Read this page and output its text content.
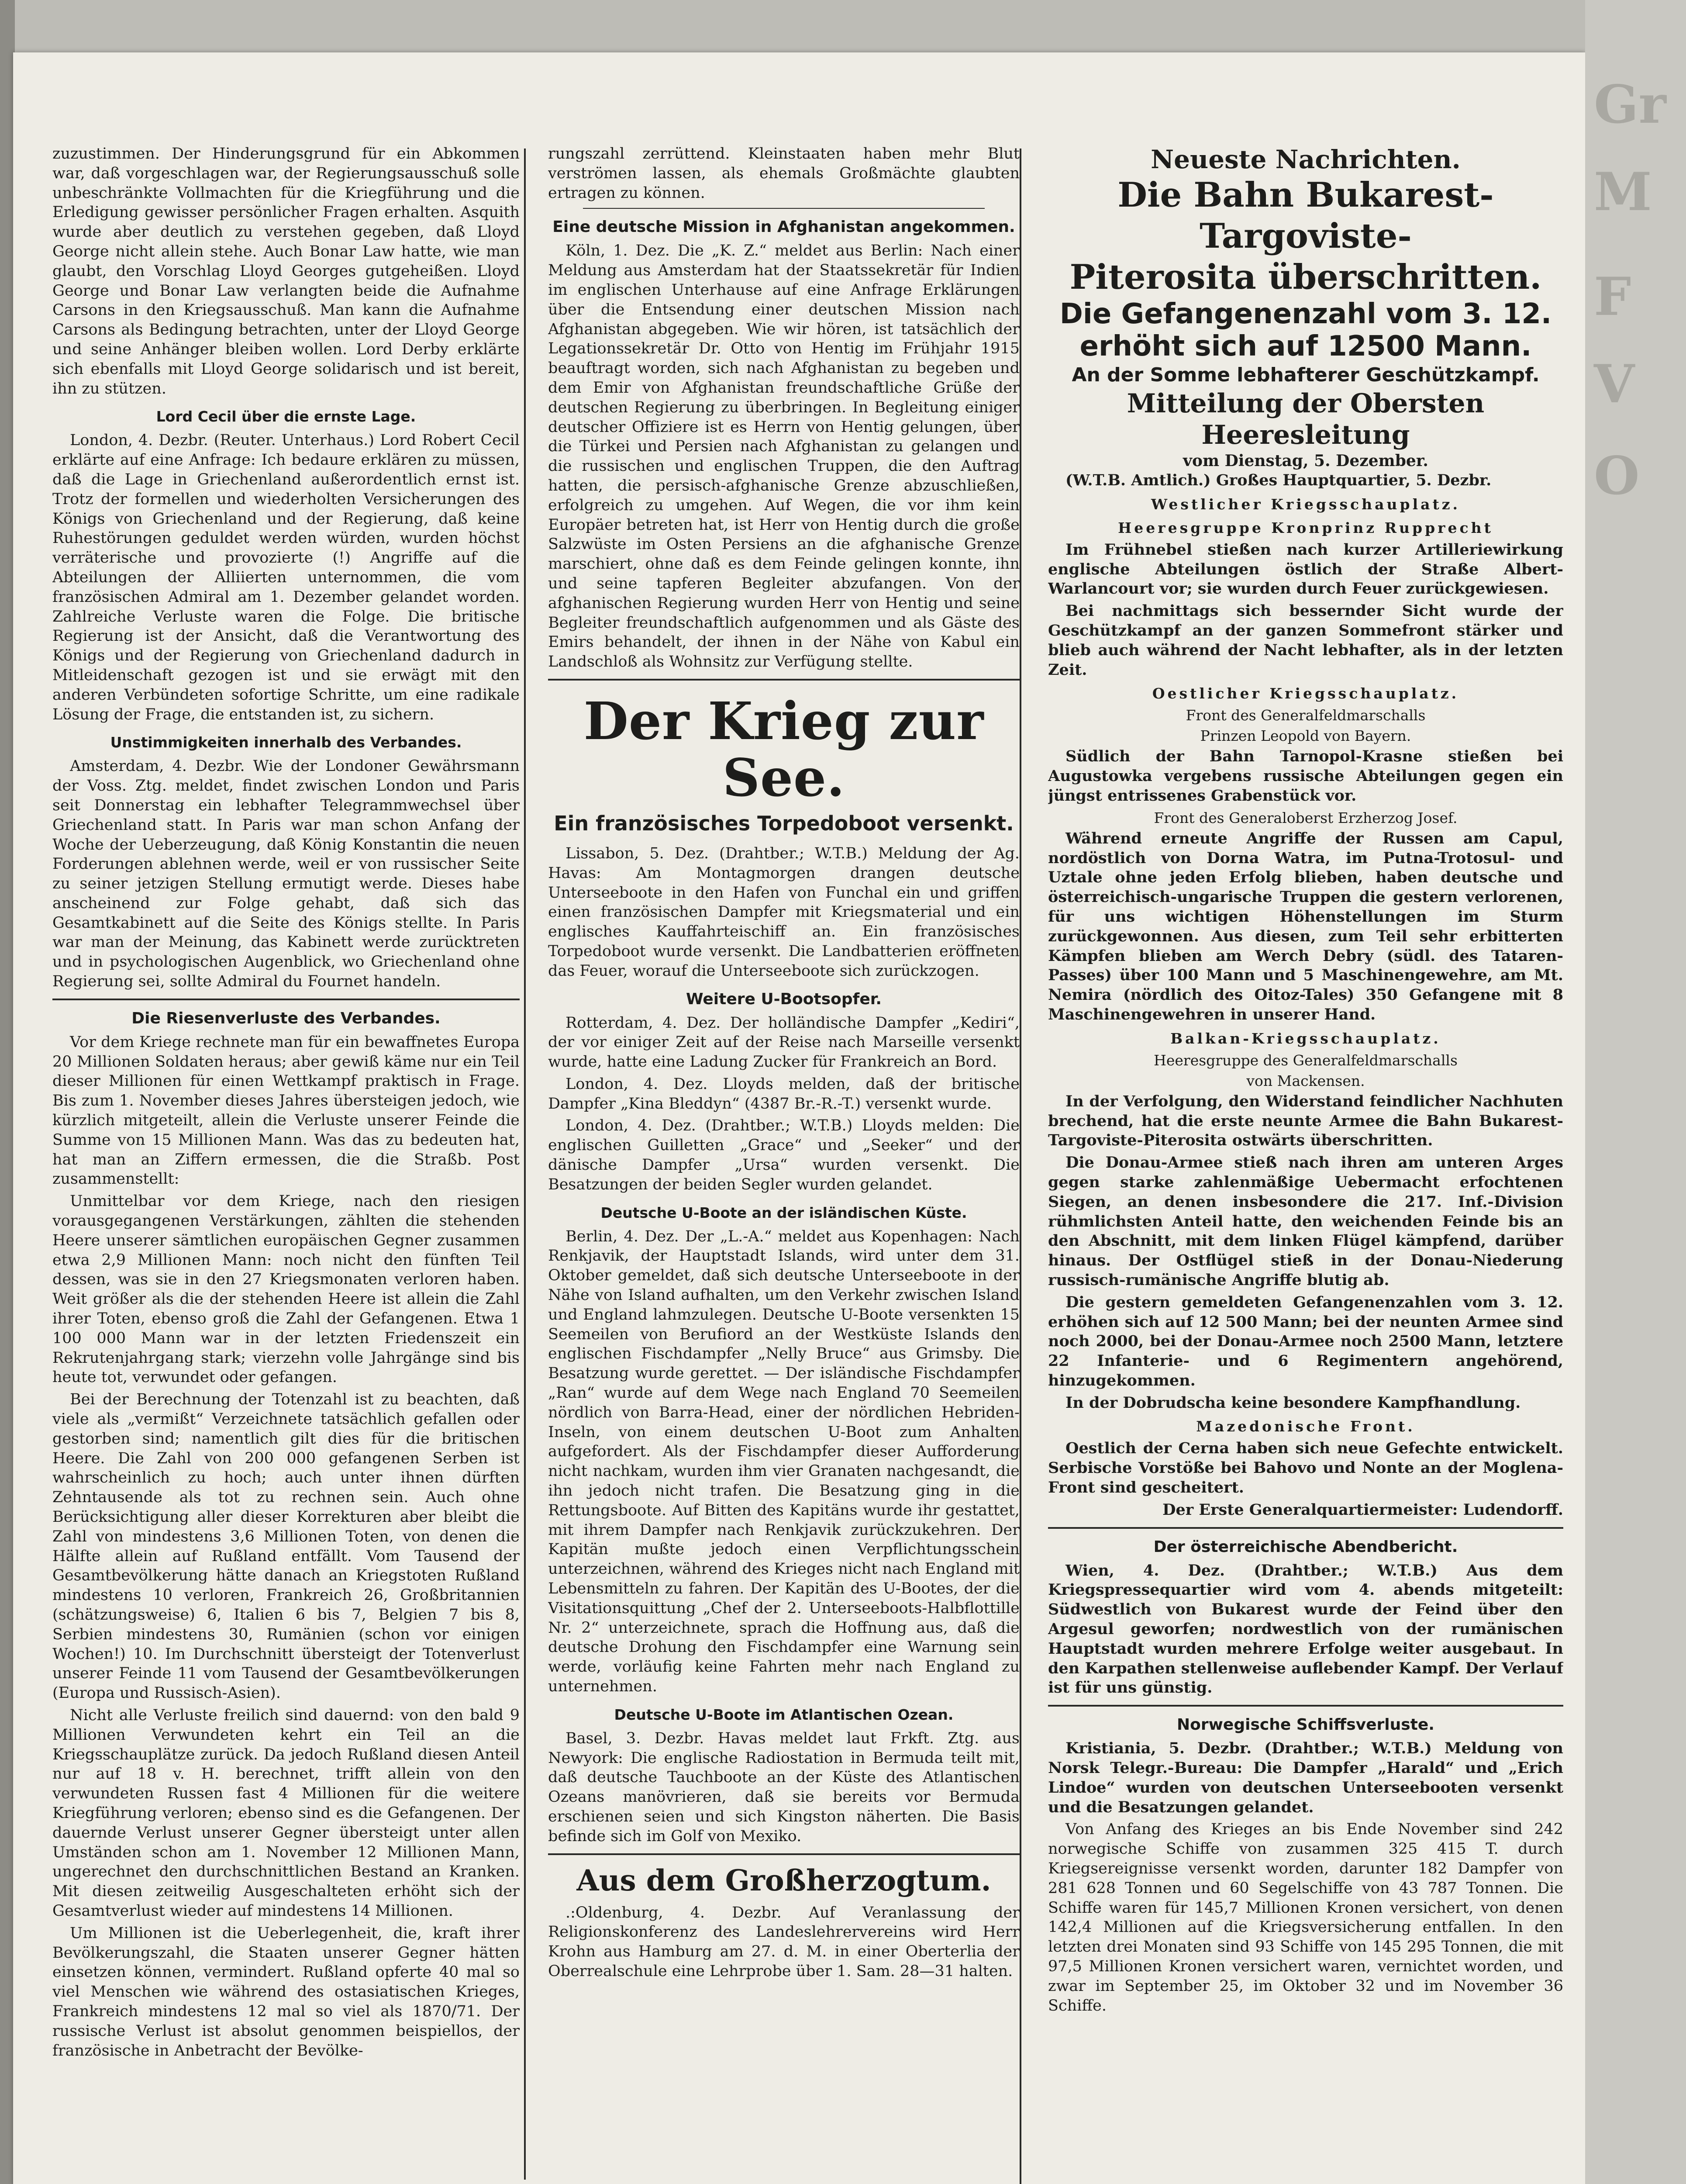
zuzustimmen. Der Hinderungsgrund für ein Abkommen war, daß vorgeschlagen war, der Regierungsausschuß solle unbeschränkte Vollmachten für die Kriegführung und die Erledigung gewisser persönlicher Fragen erhalten. Asquith wurde aber deutlich zu verstehen gegeben, daß Lloyd George nicht allein stehe. Auch Bonar Law hatte, wie man glaubt, den Vorschlag Lloyd Georges gutgeheißen. Lloyd George und Bonar Law verlangten beide die Aufnahme Carsons in den Kriegsausschuß. Man kann die Aufnahme Carsons als Bedingung betrachten, unter der Lloyd George und seine Anhänger bleiben wollen. Lord Derby erklärte sich ebenfalls mit Lloyd George solidarisch und ist bereit, ihn zu stützen.

Lord Cecil über die ernste Lage.

London, 4. Dezbr. (Reuter. Unterhaus.) Lord Robert Cecil erklärte auf eine Anfrage: Ich bedaure erklären zu müssen, daß die Lage in Griechenland außerordentlich ernst ist. Trotz der formellen und wiederholten Versicherungen des Königs von Griechenland und der Regierung, daß keine Ruhestörungen geduldet werden würden, wurden höchst verräterische und provozierte (!) Angriffe auf die Abteilungen der Alliierten unternommen, die vom französischen Admiral am 1. Dezember gelandet worden. Zahlreiche Verluste waren die Folge. Die britische Regierung ist der Ansicht, daß die Verantwortung des Königs und der Regierung von Griechenland dadurch in Mitleidenschaft gezogen ist und sie erwägt mit den anderen Verbündeten sofortige Schritte, um eine radikale Lösung der Frage, die entstanden ist, zu sichern.

Unstimmigkeiten innerhalb des Verbandes.

Amsterdam, 4. Dezbr. Wie der Londoner Gewährsmann der Voss. Ztg. meldet, findet zwischen London und Paris seit Donnerstag ein lebhafter Telegrammwechsel über Griechenland statt. In Paris war man schon Anfang der Woche der Ueberzeugung, daß König Konstantin die neuen Forderungen ablehnen werde, weil er von russischer Seite zu seiner jetzigen Stellung ermutigt werde. Dieses habe anscheinend zur Folge gehabt, daß sich das Gesamtkabinett auf die Seite des Königs stellte. In Paris war man der Meinung, das Kabinett werde zurücktreten und in psychologischen Augenblick, wo Griechenland ohne Regierung sei, sollte Admiral du Fournet handeln.

Die Riesenverluste des Verbandes.

Vor dem Kriege rechnete man für ein bewaffnetes Europa 20 Millionen Soldaten heraus; aber gewiß käme nur ein Teil dieser Millionen für einen Wettkampf praktisch in Frage. Bis zum 1. November dieses Jahres übersteigen jedoch, wie kürzlich mitgeteilt, allein die Verluste unserer Feinde die Summe von 15 Millionen Mann. Was das zu bedeuten hat, hat man an Ziffern ermessen, die die Straßb. Post zusammenstellt:

Unmittelbar vor dem Kriege, nach den riesigen vorausgegangenen Verstärkungen, zählten die stehenden Heere unserer sämtlichen europäischen Gegner zusammen etwa 2,9 Millionen Mann: noch nicht den fünften Teil dessen, was sie in den 27 Kriegsmonaten verloren haben. Weit größer als die der stehenden Heere ist allein die Zahl ihrer Toten, ebenso groß die Zahl der Gefangenen. Etwa 1 100 000 Mann war in der letzten Friedenszeit ein Rekrutenjahrgang stark; vierzehn volle Jahrgänge sind bis heute tot, verwundet oder gefangen.

Bei der Berechnung der Totenzahl ist zu beachten, daß viele als „vermißt“ Verzeichnete tatsächlich gefallen oder gestorben sind; namentlich gilt dies für die britischen Heere. Die Zahl von 200 000 gefangenen Serben ist wahrscheinlich zu hoch; auch unter ihnen dürften Zehntausende als tot zu rechnen sein. Auch ohne Berücksichtigung aller dieser Korrekturen aber bleibt die Zahl von mindestens 3,6 Millionen Toten, von denen die Hälfte allein auf Rußland entfällt. Vom Tausend der Gesamtbevölkerung hätte danach an Kriegstoten Rußland mindestens 10 verloren, Frankreich 26, Großbritannien (schätzungsweise) 6, Italien 6 bis 7, Belgien 7 bis 8, Serbien mindestens 30, Rumänien (schon vor einigen Wochen!) 10. Im Durchschnitt übersteigt der Totenverlust unserer Feinde 11 vom Tausend der Gesamtbevölkerungen (Europa und Russisch-Asien).

Nicht alle Verluste freilich sind dauernd: von den bald 9 Millionen Verwundeten kehrt ein Teil an die Kriegsschauplätze zurück. Da jedoch Rußland diesen Anteil nur auf 18 v. H. berechnet, trifft allein von den verwundeten Russen fast 4 Millionen für die weitere Kriegführung verloren; ebenso sind es die Gefangenen. Der dauernde Verlust unserer Gegner übersteigt unter allen Umständen schon am 1. November 12 Millionen Mann, ungerechnet den durchschnittlichen Bestand an Kranken. Mit diesen zeitweilig Ausgeschalteten erhöht sich der Gesamtverlust wieder auf mindestens 14 Millionen.

Um Millionen ist die Ueberlegenheit, die, kraft ihrer Bevölkerungszahl, die Staaten unserer Gegner hätten einsetzen können, vermindert. Rußland opferte 40 mal so viel Menschen wie während des ostasiatischen Krieges, Frankreich mindestens 12 mal so viel als 1870/71. Der russische Verlust ist absolut genommen beispiellos, der französische in Anbetracht der Bevölke-

rungszahl zerrüttend. Kleinstaaten haben mehr Blut verströmen lassen, als ehemals Großmächte glaubten ertragen zu können.

Eine deutsche Mission in Afghanistan angekommen.

Köln, 1. Dez. Die „K. Z.“ meldet aus Berlin: Nach einer Meldung aus Amsterdam hat der Staatssekretär für Indien im englischen Unterhause auf eine Anfrage Erklärungen über die Entsendung einer deutschen Mission nach Afghanistan abgegeben. Wie wir hören, ist tatsächlich der Legationssekretär Dr. Otto von Hentig im Frühjahr 1915 beauftragt worden, sich nach Afghanistan zu begeben und dem Emir von Afghanistan freundschaftliche Grüße der deutschen Regierung zu überbringen. In Begleitung einiger deutscher Offiziere ist es Herrn von Hentig gelungen, über die Türkei und Persien nach Afghanistan zu gelangen und die russischen und englischen Truppen, die den Auftrag hatten, die persisch-afghanische Grenze abzuschließen, erfolgreich zu umgehen. Auf Wegen, die vor ihm kein Europäer betreten hat, ist Herr von Hentig durch die große Salzwüste im Osten Persiens an die afghanische Grenze marschiert, ohne daß es dem Feinde gelingen konnte, ihn und seine tapferen Begleiter abzufangen. Von der afghanischen Regierung wurden Herr von Hentig und seine Begleiter freundschaftlich aufgenommen und als Gäste des Emirs behandelt, der ihnen in der Nähe von Kabul ein Landschloß als Wohnsitz zur Verfügung stellte.

Der Krieg zur See.
Ein französisches Torpedoboot versenkt.

Lissabon, 5. Dez. (Drahtber.; W.T.B.) Meldung der Ag. Havas: Am Montagmorgen drangen deutsche Unterseeboote in den Hafen von Funchal ein und griffen einen französischen Dampfer mit Kriegsmaterial und ein englisches Kauffahrteischiff an. Ein französisches Torpedoboot wurde versenkt. Die Landbatterien eröffneten das Feuer, worauf die Unterseeboote sich zurückzogen.

Weitere U-Bootsopfer.

Rotterdam, 4. Dez. Der holländische Dampfer „Kediri“, der vor einiger Zeit auf der Reise nach Marseille versenkt wurde, hatte eine Ladung Zucker für Frankreich an Bord.

London, 4. Dez. Lloyds melden, daß der britische Dampfer „Kina Bleddyn“ (4387 Br.-R.-T.) versenkt wurde.

London, 4. Dez. (Drahtber.; W.T.B.) Lloyds melden: Die englischen Guilletten „Grace“ und „Seeker“ und der dänische Dampfer „Ursa“ wurden versenkt. Die Besatzungen der beiden Segler wurden gelandet.

Deutsche U-Boote an der isländischen Küste.

Berlin, 4. Dez. Der „L.-A.“ meldet aus Kopenhagen: Nach Renkjavik, der Hauptstadt Islands, wird unter dem 31. Oktober gemeldet, daß sich deutsche Unterseeboote in der Nähe von Island aufhalten, um den Verkehr zwischen Island und England lahmzulegen. Deutsche U-Boote versenkten 15 Seemeilen von Berufiord an der Westküste Islands den englischen Fischdampfer „Nelly Bruce“ aus Grimsby. Die Besatzung wurde gerettet. — Der isländische Fischdampfer „Ran“ wurde auf dem Wege nach England 70 Seemeilen nördlich von Barra-Head, einer der nördlichen Hebriden-Inseln, von einem deutschen U-Boot zum Anhalten aufgefordert. Als der Fischdampfer dieser Aufforderung nicht nachkam, wurden ihm vier Granaten nachgesandt, die ihn jedoch nicht trafen. Die Besatzung ging in die Rettungsboote. Auf Bitten des Kapitäns wurde ihr gestattet, mit ihrem Dampfer nach Renkjavik zurückzukehren. Der Kapitän mußte jedoch einen Verpflichtungsschein unterzeichnen, während des Krieges nicht nach England mit Lebensmitteln zu fahren. Der Kapitän des U-Bootes, der die Visitationsquittung „Chef der 2. Unterseeboots-Halbflottille Nr. 2“ unterzeichnete, sprach die Hoffnung aus, daß die deutsche Drohung den Fischdampfer eine Warnung sein werde, vorläufig keine Fahrten mehr nach England zu unternehmen.

Deutsche U-Boote im Atlantischen Ozean.

Basel, 3. Dezbr. Havas meldet laut Frkft. Ztg. aus Newyork: Die englische Radiostation in Bermuda teilt mit, daß deutsche Tauchboote an der Küste des Atlantischen Ozeans manövrieren, daß sie bereits vor Bermuda erschienen seien und sich Kingston näherten. Die Basis befinde sich im Golf von Mexiko.

Aus dem Großherzogtum.

.:Oldenburg, 4. Dezbr. Auf Veranlassung der Religionskonferenz des Landeslehrervereins wird Herr Krohn aus Hamburg am 27. d. M. in einer Oberterlia der Oberrealschule eine Lehrprobe über 1. Sam. 28—31 halten.

Neueste Nachrichten.
Die Bahn Bukarest-Targoviste-
Piterosita überschritten.
Die Gefangenenzahl vom 3. 12.
erhöht sich auf 12500 Mann.
An der Somme lebhafterer Geschützkampf.
Mitteilung der Obersten Heeresleitung
vom Dienstag, 5. Dezember.

(W.T.B. Amtlich.) Großes Hauptquartier, 5. Dezbr.

Westlicher Kriegsschauplatz.
Heeresgruppe Kronprinz Rupprecht

Im Frühnebel stießen nach kurzer Artilleriewirkung englische Abteilungen östlich der Straße Albert-Warlancourt vor; sie wurden durch Feuer zurückgewiesen.

Bei nachmittags sich bessernder Sicht wurde der Geschützkampf an der ganzen Sommefront stärker und blieb auch während der Nacht lebhafter, als in der letzten Zeit.

Oestlicher Kriegsschauplatz.
Front des Generalfeldmarschalls
Prinzen Leopold von Bayern.

Südlich der Bahn Tarnopol-Krasne stießen bei Augustowka vergebens russische Abteilungen gegen ein jüngst entrissenes Grabenstück vor.

Front des Generaloberst Erzherzog Josef.

Während erneute Angriffe der Russen am Capul, nordöstlich von Dorna Watra, im Putna-Trotosul- und Uztale ohne jeden Erfolg blieben, haben deutsche und österreichisch-ungarische Truppen die gestern verlorenen, für uns wichtigen Höhenstellungen im Sturm zurückgewonnen. Aus diesen, zum Teil sehr erbitterten Kämpfen blieben am Werch Debry (südl. des Tataren-Passes) über 100 Mann und 5 Maschinengewehre, am Mt. Nemira (nördlich des Oitoz-Tales) 350 Gefangene mit 8 Maschinengewehren in unserer Hand.

Balkan-Kriegsschauplatz.
Heeresgruppe des Generalfeldmarschalls
von Mackensen.

In der Verfolgung, den Widerstand feindlicher Nachhuten brechend, hat die erste neunte Armee die Bahn Bukarest-Targoviste-Piterosita ostwärts überschritten.

Die Donau-Armee stieß nach ihren am unteren Arges gegen starke zahlenmäßige Uebermacht erfochtenen Siegen, an denen insbesondere die 217. Inf.-Division rühmlichsten Anteil hatte, den weichenden Feinde bis an den Abschnitt, mit dem linken Flügel kämpfend, darüber hinaus. Der Ostflügel stieß in der Donau-Niederung russisch-rumänische Angriffe blutig ab.

Die gestern gemeldeten Gefangenenzahlen vom 3. 12. erhöhen sich auf 12 500 Mann; bei der neunten Armee sind noch 2000, bei der Donau-Armee noch 2500 Mann, letztere 22 Infanterie- und 6 Regimentern angehörend, hinzugekommen.

In der Dobrudscha keine besondere Kampfhandlung.

Mazedonische Front.

Oestlich der Cerna haben sich neue Gefechte entwickelt. Serbische Vorstöße bei Bahovo und Nonte an der Moglena-Front sind gescheitert.

Der Erste Generalquartiermeister: Ludendorff.

Der österreichische Abendbericht.

Wien, 4. Dez. (Drahtber.; W.T.B.) Aus dem Kriegspressequartier wird vom 4. abends mitgeteilt: Südwestlich von Bukarest wurde der Feind über den Argesul geworfen; nordwestlich von der rumänischen Hauptstadt wurden mehrere Erfolge weiter ausgebaut. In den Karpathen stellenweise auflebender Kampf. Der Verlauf ist für uns günstig.

Norwegische Schiffsverluste.

Kristiania, 5. Dezbr. (Drahtber.; W.T.B.) Meldung von Norsk Telegr.-Bureau: Die Dampfer „Harald“ und „Erich Lindoe“ wurden von deutschen Unterseebooten versenkt und die Besatzungen gelandet.

Von Anfang des Krieges an bis Ende November sind 242 norwegische Schiffe von zusammen 325 415 T. durch Kriegsereignisse versenkt worden, darunter 182 Dampfer von 281 628 Tonnen und 60 Segelschiffe von 43 787 Tonnen. Die Schiffe waren für 145,7 Millionen Kronen versichert, von denen 142,4 Millionen auf die Kriegsversicherung entfallen. In den letzten drei Monaten sind 93 Schiffe von 145 295 Tonnen, die mit 97,5 Millionen Kronen versichert waren, vernichtet worden, und zwar im September 25, im Oktober 32 und im November 36 Schiffe.

Gr
M
F
V
O
